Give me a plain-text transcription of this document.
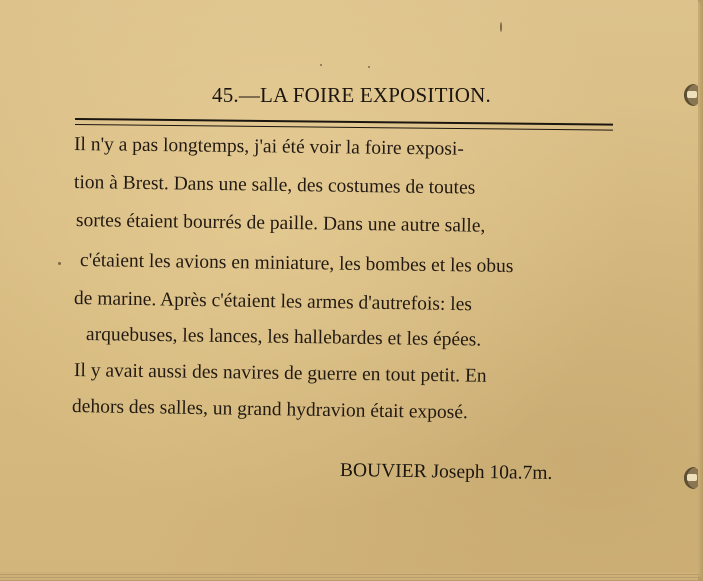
45.—LA FOIRE EXPOSITION.
Il n'y a pas longtemps, j'ai été voir la foire exposi-
tion à Brest. Dans une salle, des costumes de toutes
sortes étaient bourrés de paille. Dans une autre salle,
c'étaient les avions en miniature, les bombes et les obus
de marine. Après c'étaient les armes d'autrefois: les
arquebuses, les lances, les hallebardes et les épées.
Il y avait aussi des navires de guerre en tout petit. En
dehors des salles, un grand hydravion était exposé.
BOUVIER Joseph 10a.7m.
